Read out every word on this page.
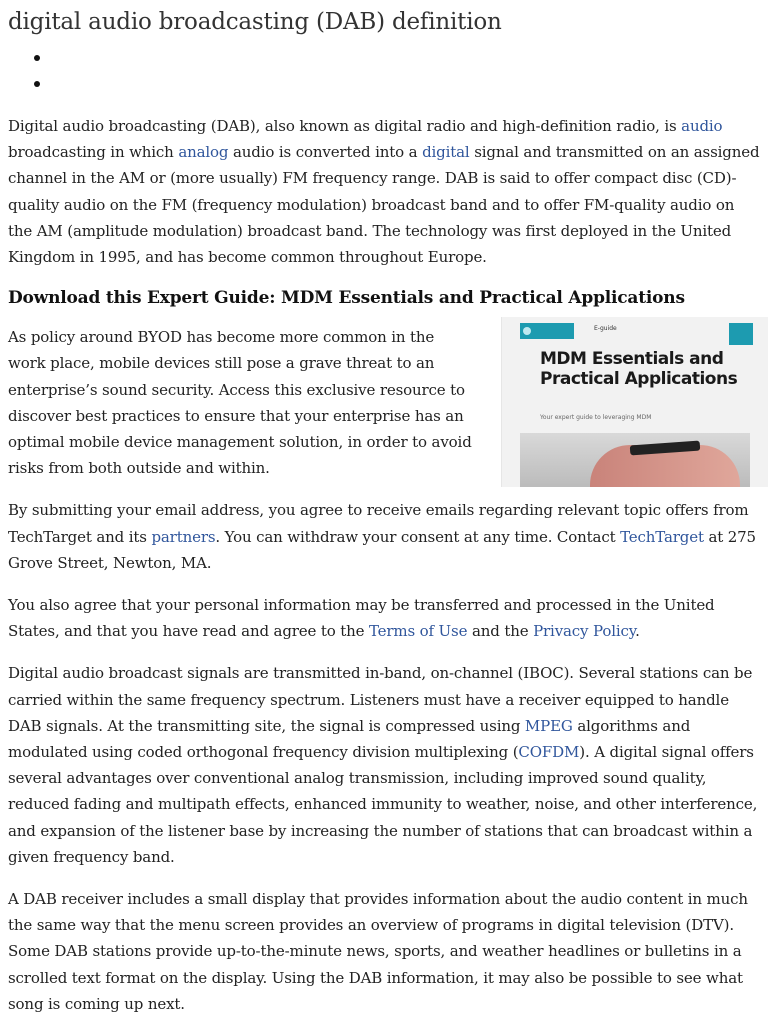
digital audio broadcasting (DAB) definition

Digital audio broadcasting (DAB), also known as digital radio and high-definition radio, is audio broadcasting in which analog audio is converted into a digital signal and transmitted on an assigned channel in the AM or (more usually) FM frequency range. DAB is said to offer compact disc (CD)-quality audio on the FM (frequency modulation) broadcast band and to offer FM-quality audio on the AM (amplitude modulation) broadcast band. The technology was first deployed in the United Kingdom in 1995, and has become common throughout Europe.

Download this Expert Guide: MDM Essentials and Practical Applications

As policy around BYOD has become more common in the work place, mobile devices still pose a grave threat to an enterprise’s sound security. Access this exclusive resource to discover best practices to ensure that your enterprise has an optimal mobile device management solution, in order to avoid risks from both outside and within.

E-guide
MDM Essentials and Practical Applications
Your expert guide to leveraging MDM

By submitting your email address, you agree to receive emails regarding relevant topic offers from TechTarget and its partners. You can withdraw your consent at any time. Contact TechTarget at 275 Grove Street, Newton, MA.

You also agree that your personal information may be transferred and processed in the United States, and that you have read and agree to the Terms of Use and the Privacy Policy.

Digital audio broadcast signals are transmitted in-band, on-channel (IBOC). Several stations can be carried within the same frequency spectrum. Listeners must have a receiver equipped to handle DAB signals. At the transmitting site, the signal is compressed using MPEG algorithms and modulated using coded orthogonal frequency division multiplexing (COFDM). A digital signal offers several advantages over conventional analog transmission, including improved sound quality, reduced fading and multipath effects, enhanced immunity to weather, noise, and other interference, and expansion of the listener base by increasing the number of stations that can broadcast within a given frequency band.

A DAB receiver includes a small display that provides information about the audio content in much the same way that the menu screen provides an overview of programs in digital television (DTV). Some DAB stations provide up-to-the-minute news, sports, and weather headlines or bulletins in a scrolled text format on the display. Using the DAB information, it may also be possible to see what song is coming up next.
